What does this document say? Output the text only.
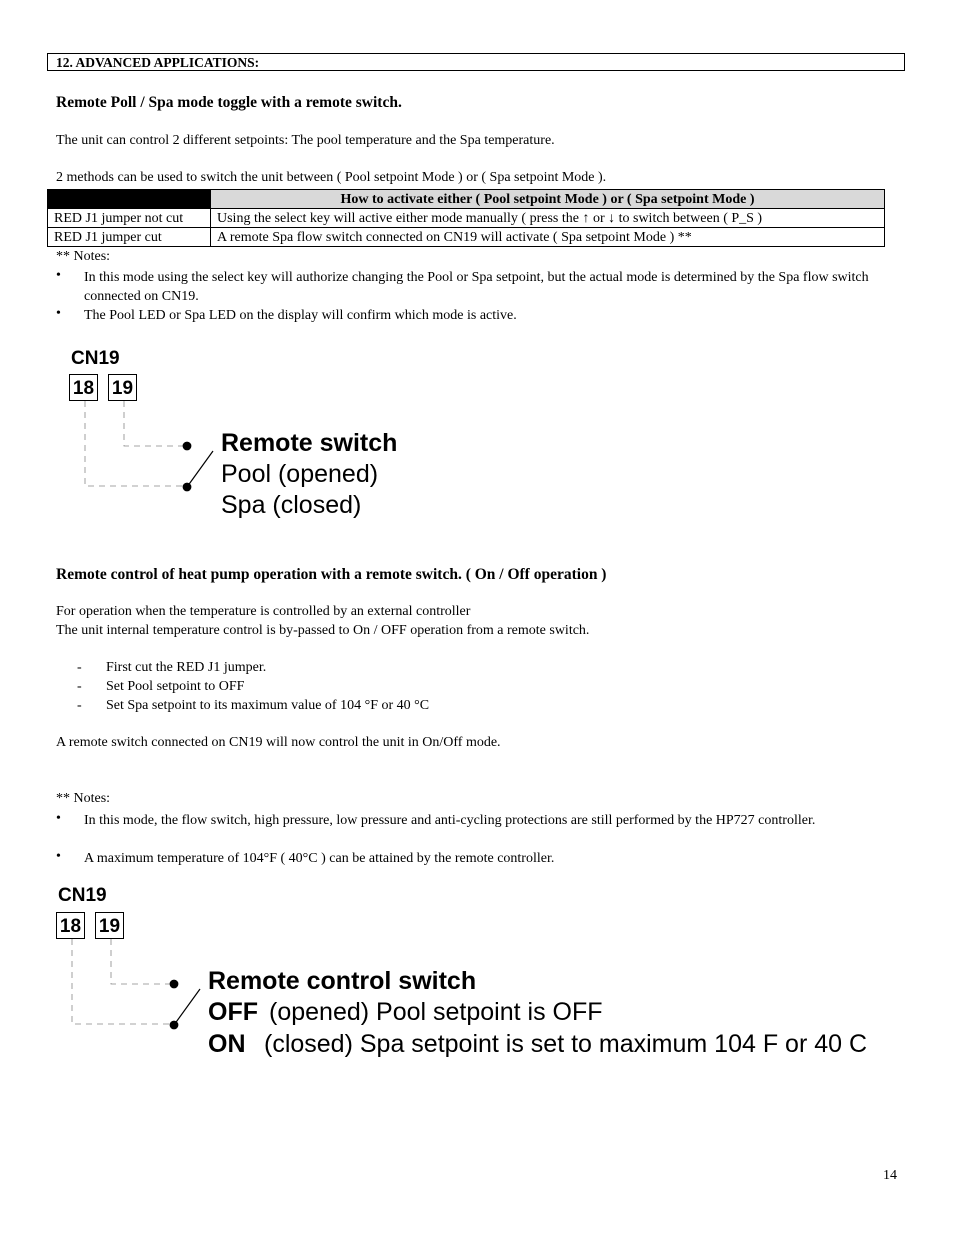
12. ADVANCED APPLICATIONS:
Remote Poll / Spa mode toggle with a remote switch.
The unit can control 2 different setpoints: The pool temperature and the Spa temperature.
2 methods can be used to switch the unit between ( Pool setpoint Mode ) or ( Spa setpoint Mode ).
	How to activate either ( Pool setpoint Mode ) or ( Spa setpoint Mode )
RED J1 jumper not cut	Using the select key will active either mode manually ( press the ↑ or ↓ to switch between ( P_S )
RED J1 jumper cut	A remote Spa flow switch connected on CN19 will activate ( Spa setpoint Mode ) **
** Notes:
• In this mode using the select key will authorize changing the Pool or Spa setpoint, but the actual mode is determined by the Spa flow switch connected on CN19.
• The Pool LED or Spa LED on the display will confirm which mode is active.
CN19
18 19
Remote switch
Pool (opened)
Spa (closed)
Remote control of heat pump operation with a remote switch. ( On / Off operation )
For operation when the temperature is controlled by an external controller
The unit internal temperature control is by-passed to On / OFF operation from a remote switch.
- First cut the RED J1 jumper.
- Set Pool setpoint to OFF
- Set Spa setpoint to its maximum value of 104 °F or 40 °C
A remote switch connected on CN19 will now control the unit in On/Off mode.
** Notes:
• In this mode, the flow switch, high pressure, low pressure and anti-cycling protections are still performed by the HP727 controller.
• A maximum temperature of 104°F ( 40°C ) can be attained by the remote controller.
CN19
18 19
Remote control switch
OFF (opened) Pool setpoint is OFF
ON (closed) Spa setpoint is set to maximum 104 F or 40 C
14
